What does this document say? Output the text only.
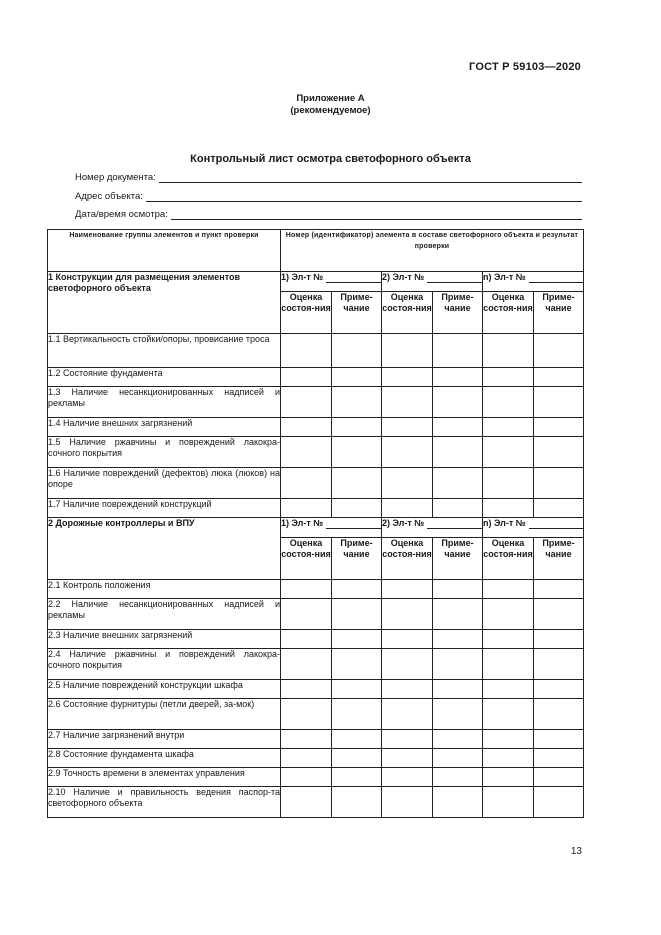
ГОСТ Р 59103—2020
Приложение А
(рекомендуемое)
Контрольный лист осмотра светофорного объекта
Номер документа:
Адрес объекта:
Дата/время осмотра:
Наименование группы элементов и пункт проверки	Номер (идентификатор) элемента в составе светофорного объекта и результат проверки					
1 Конструкции для размещения элементов светофорного объекта	1) Эл-т №		2) Эл-т №		n) Эл-т №	

	Оценка состоя-ния	Приме-чание	Оценка состоя-ния	Приме-чание	Оценка состоя-ния	Приме-чание
1.1 Вертикальность стойки/опоры, провисание троса						
1.2 Состояние фундамента						
1.3 Наличие несанкционированных надписей и рекламы						
1.4 Наличие внешних загрязнений						
1.5 Наличие ржавчины и повреждений лакокра-сочного покрытия						
1.6 Наличие повреждений (дефектов) люка (люков) на опоре						
1.7 Наличие повреждений конструкций						
2 Дорожные контроллеры и ВПУ	1) Эл-т №		2) Эл-т №		n) Эл-т №	

	Оценка состоя-ния	Приме-чание	Оценка состоя-ния	Приме-чание	Оценка состоя-ния	Приме-чание
2.1 Контроль положения						
2.2 Наличие несанкционированных надписей и рекламы						
2.3 Наличие внешних загрязнений						
2.4 Наличие ржавчины и повреждений лакокра-сочного покрытия						
2.5 Наличие повреждений конструкции шкафа						
2.6 Состояние фурнитуры (петли дверей, за-мок)						
2.7 Наличие загрязнений внутри						
2.8 Состояние фундамента шкафа						
2.9 Точность времени в элементах управления						
2.10 Наличие и правильность ведения паспор-та светофорного объекта						
13
